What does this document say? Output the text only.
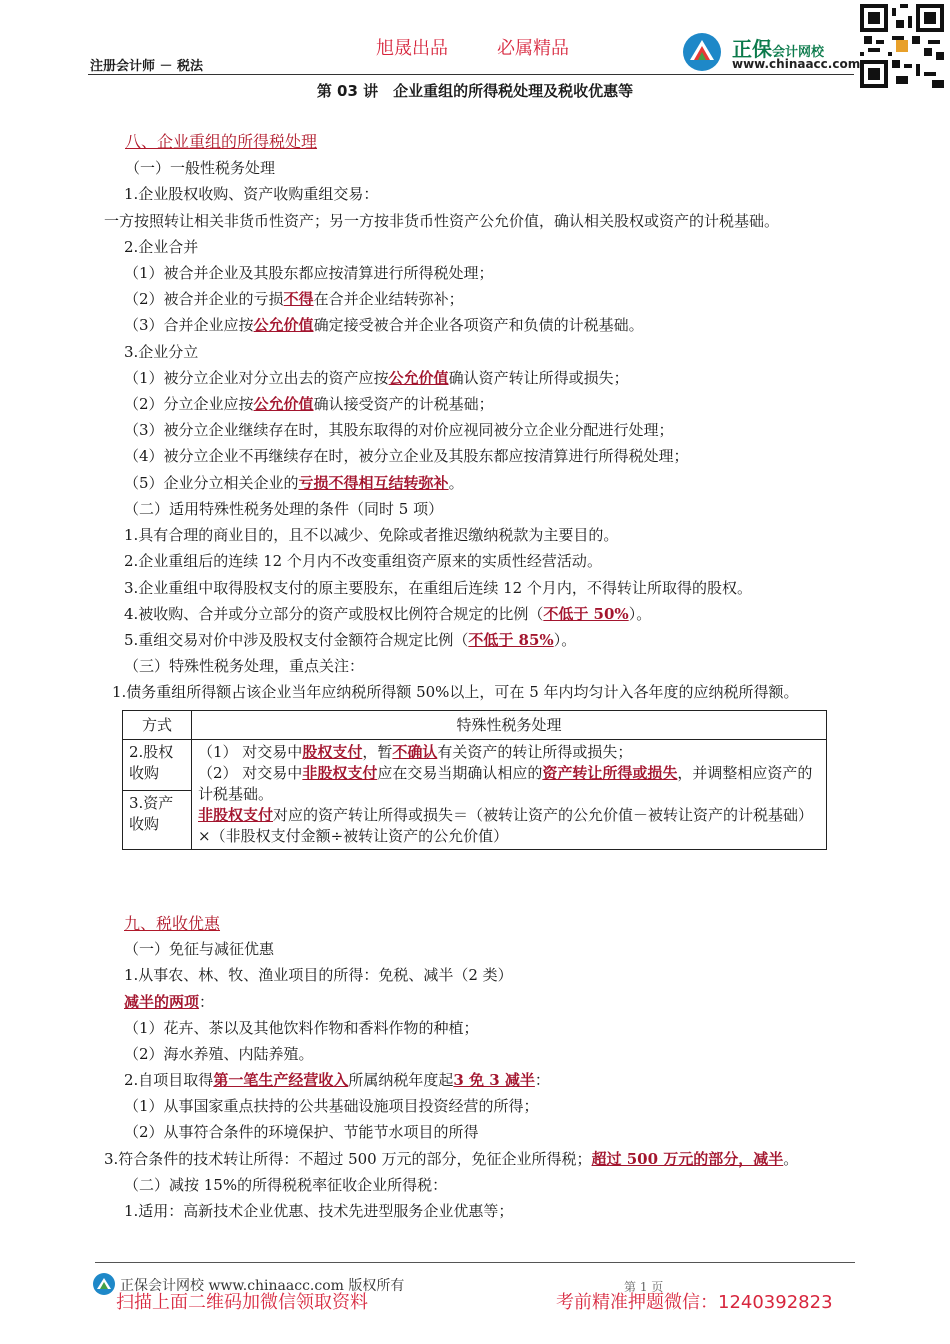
注册会计师 － 税法
旭晟出品	必属精品	正保会计网校
www.chinaacc.com
第 03 讲　企业重组的所得税处理及税收优惠等
八、企业重组的所得税处理
（一）一般性税务处理
1.企业股权收购、资产收购重组交易：
一方按照转让相关非货币性资产；另一方按非货币性资产公允价值，确认相关股权或资产的计税基础。
2.企业合并
（1）被合并企业及其股东都应按清算进行所得税处理；
（2）被合并企业的亏损不得在合并企业结转弥补；
（3）合并企业应按公允价值确定接受被合并企业各项资产和负债的计税基础。
3.企业分立
（1）被分立企业对分立出去的资产应按公允价值确认资产转让所得或损失；
（2）分立企业应按公允价值确认接受资产的计税基础；
（3）被分立企业继续存在时，其股东取得的对价应视同被分立企业分配进行处理；
（4）被分立企业不再继续存在时，被分立企业及其股东都应按清算进行所得税处理；
（5）企业分立相关企业的亏损不得相互结转弥补。
（二）适用特殊性税务处理的条件（同时 5 项）
1.具有合理的商业目的，且不以减少、免除或者推迟缴纳税款为主要目的。
2.企业重组后的连续 12 个月内不改变重组资产原来的实质性经营活动。
3.企业重组中取得股权支付的原主要股东，在重组后连续 12 个月内，不得转让所取得的股权。
4.被收购、合并或分立部分的资产或股权比例符合规定的比例（不低于 50%）。
5.重组交易对价中涉及股权支付金额符合规定比例（不低于 85%）。
（三）特殊性税务处理，重点关注：
1.债务重组所得额占该企业当年应纳税所得额 50%以上，可在 5 年内均匀计入各年度的应纳税所得额。
方式	特殊性税务处理
2.股权收购	（1） 对交易中股权支付，暂不确认有关资产的转让所得或损失；
（2） 对交易中非股权支付应在交易当期确认相应的资产转让所得或损失，并调整相应资产的计税基础。
非股权支付对应的资产转让所得或损失＝（被转让资产的公允价值－被转让资产的计税基础）×（非股权支付金额÷被转让资产的公允价值）

3.资产收购	
九、税收优惠
（一）免征与减征优惠
1.从事农、林、牧、渔业项目的所得：免税、减半（2 类）
减半的两项：
（1）花卉、茶以及其他饮料作物和香料作物的种植；
（2）海水养殖、内陆养殖。
2.自项目取得第一笔生产经营收入所属纳税年度起3 免 3 减半：
（1）从事国家重点扶持的公共基础设施项目投资经营的所得；
（2）从事符合条件的环境保护、节能节水项目的所得
3.符合条件的技术转让所得：不超过 500 万元的部分，免征企业所得税；超过 500 万元的部分，减半。
（二）减按 15%的所得税税率征收企业所得税：
1.适用：高新技术企业优惠、技术先进型服务企业优惠等；
正保会计网校 www.chinaacc.com 版权所有	第 1 页
扫描上面二维码加微信领取资料	考前精准押题微信：1240392823
